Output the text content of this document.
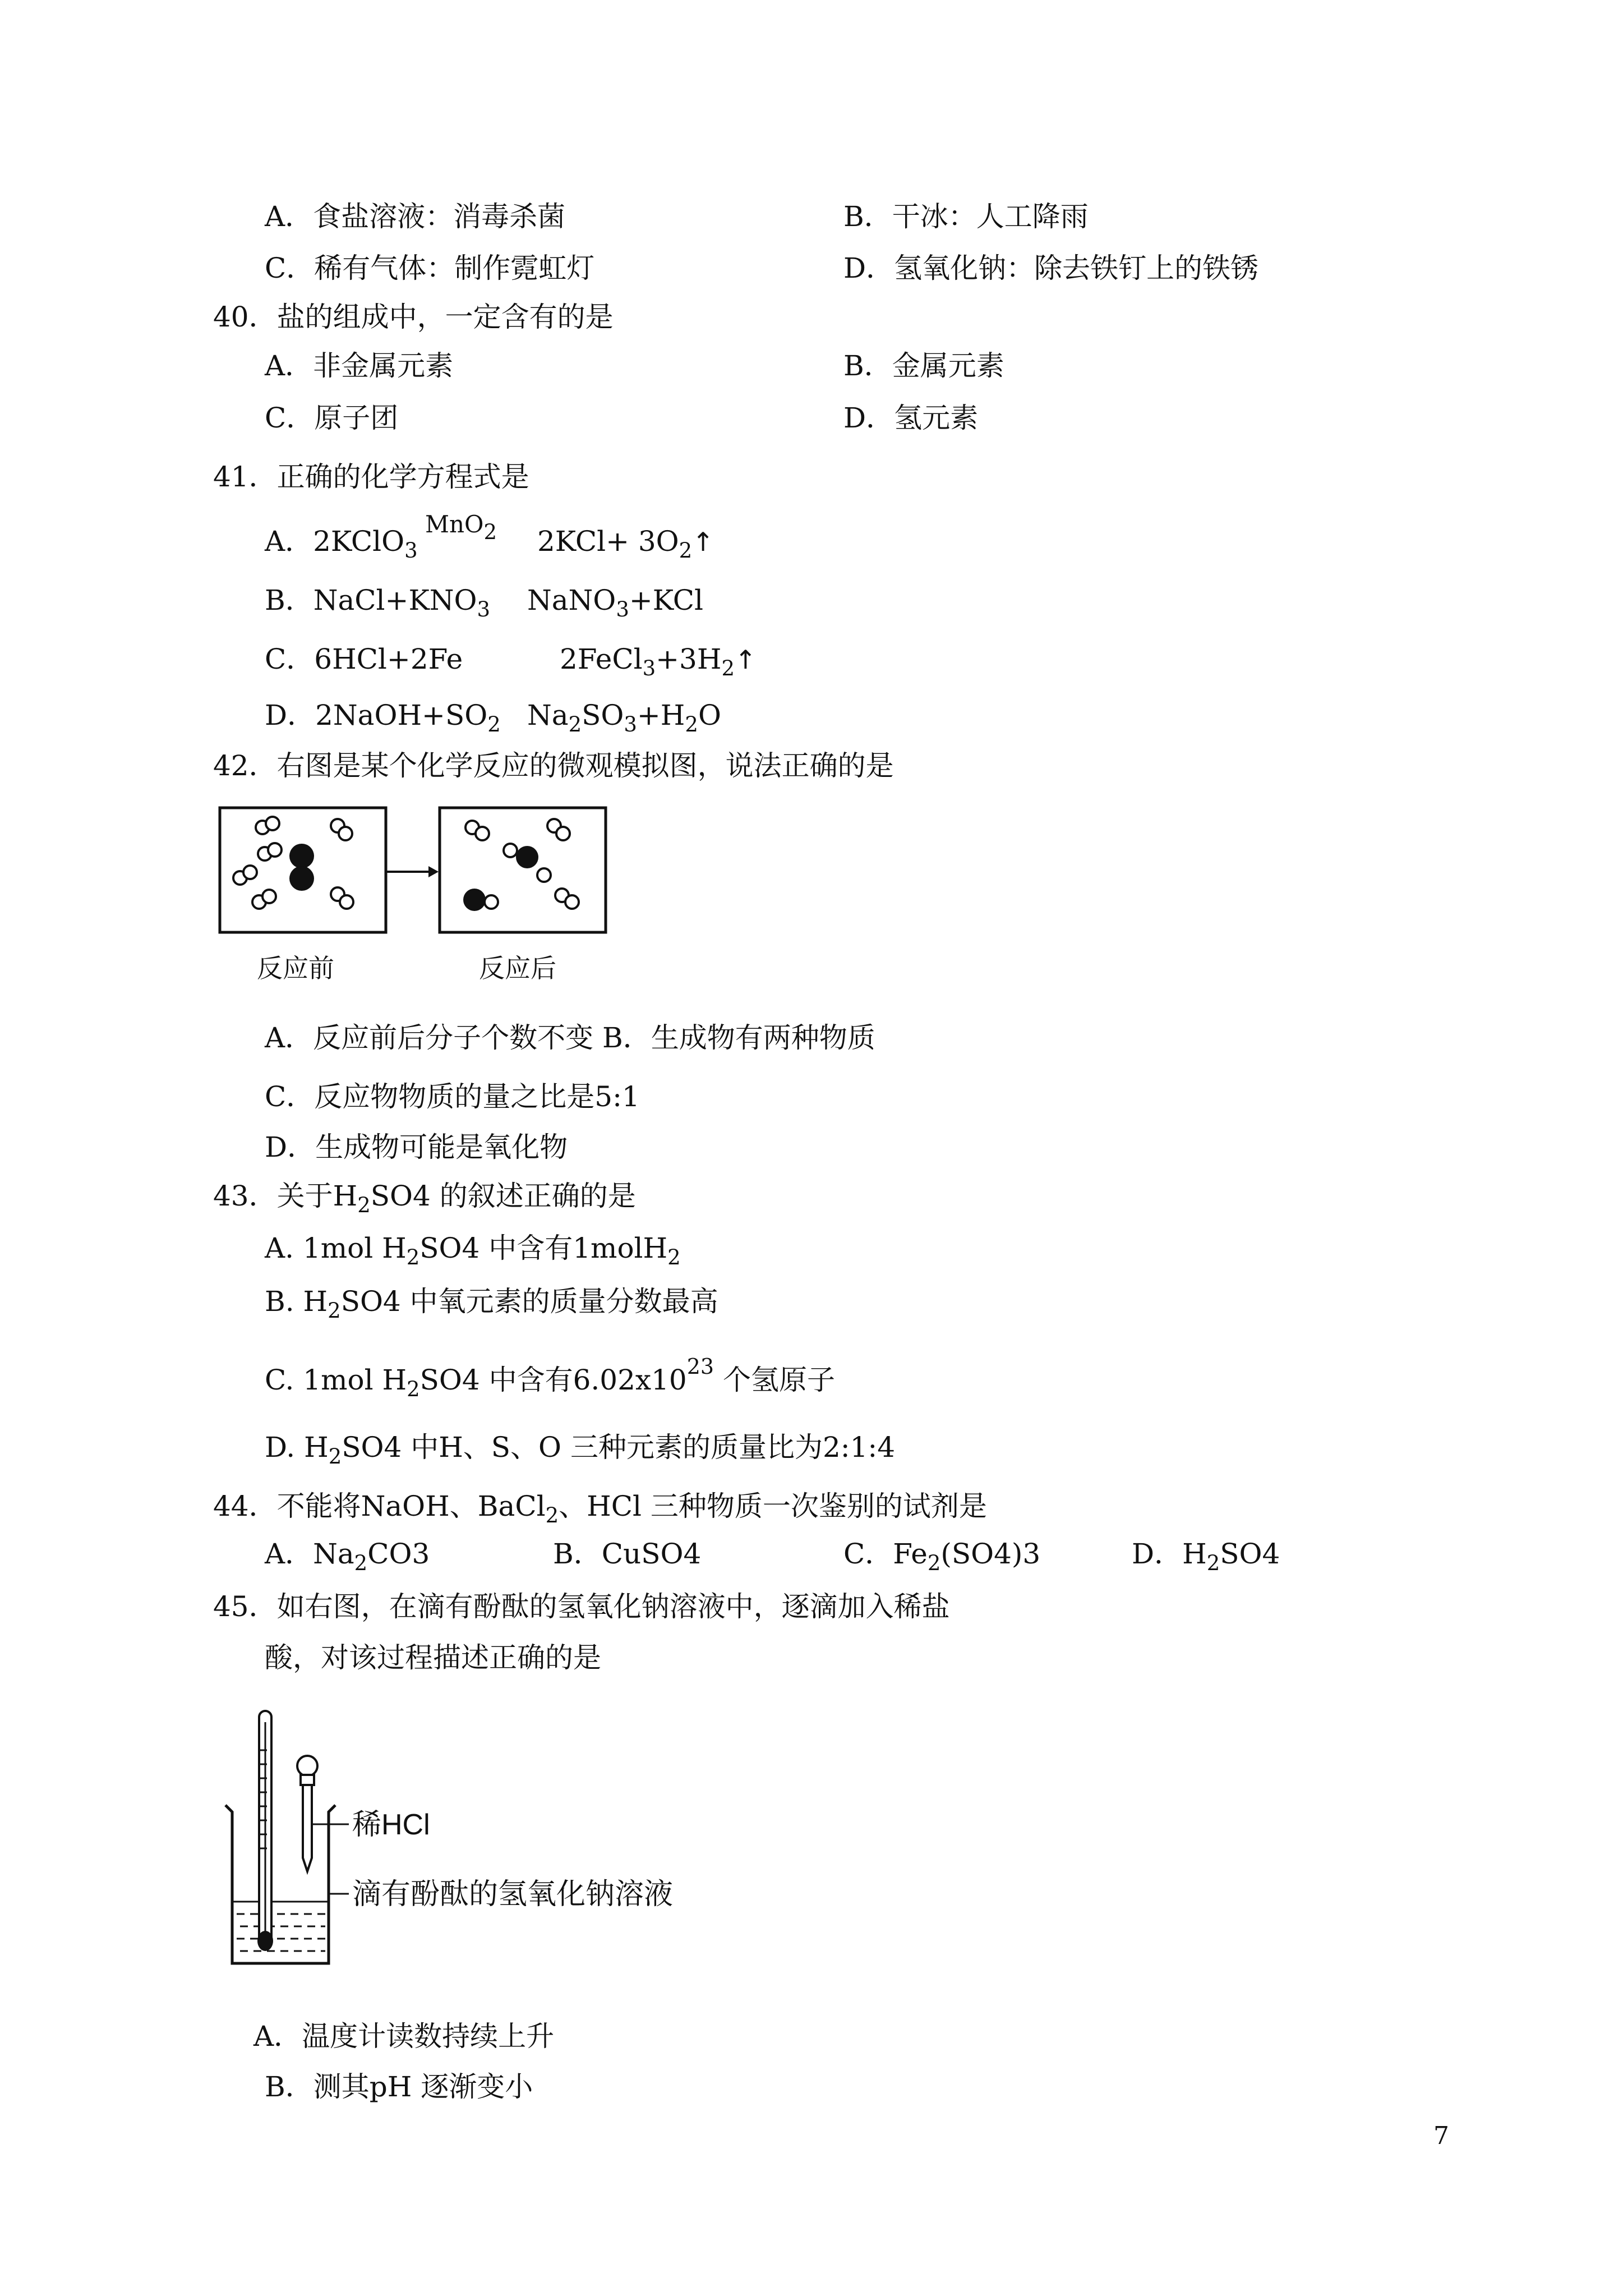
A．食盐溶液：消毒杀菌	B．干冰：人工降雨
C．稀有气体：制作霓虹灯	D．氢氧化钠：除去铁钉上的铁锈
40．盐的组成中，一定含有的是
A．非金属元素	B．金属元素
C．原子团	D．氢元素
41．正确的化学方程式是
MnO2
A．2KClO$_3$	$2KCl+ 3O_2↑$
B．$NaCl+KNO_3$ NaNO$_3$+KCl
C．6HCl+2Fe	$2FeCl_3+3H_2↑$
D．$2NaOH+SO_2$ $Na_2SO_3+H_2O$
42．右图是某个化学反应的微观模拟图，说法正确的是
反应前	反应后
A．反应前后分子个数不变 B．生成物有两种物质
C．反应物物质的量之比是5:1
D．生成物可能是氧化物
43．关于$H_2SO4$ 的叙述正确的是
A. 1mol $H_2SO4$ 中含有1molH$_2$
B. $H_2SO4$ 中氧元素的质量分数最高
C. 1mol $H_2SO4$ 中含有$6.02x10^{23}$ 个氢原子
D. $H_2SO4$ 中H、S、O 三种元素的质量比为2:1:4
44．不能将NaOH、BaCl$_2$、HCl 三种物质一次鉴别的试剂是
A．$Na_2CO3$	B．CuSO4	C．$Fe_2(SO4)3$	D．$H_2SO4$
45．如右图，在滴有酚酞的氢氧化钠溶液中，逐滴加入稀盐
酸，对该过程描述正确的是
稀HCl
滴有酚酞的氢氧化钠溶液
A．温度计读数持续上升
B．测其pH 逐渐变小
7
